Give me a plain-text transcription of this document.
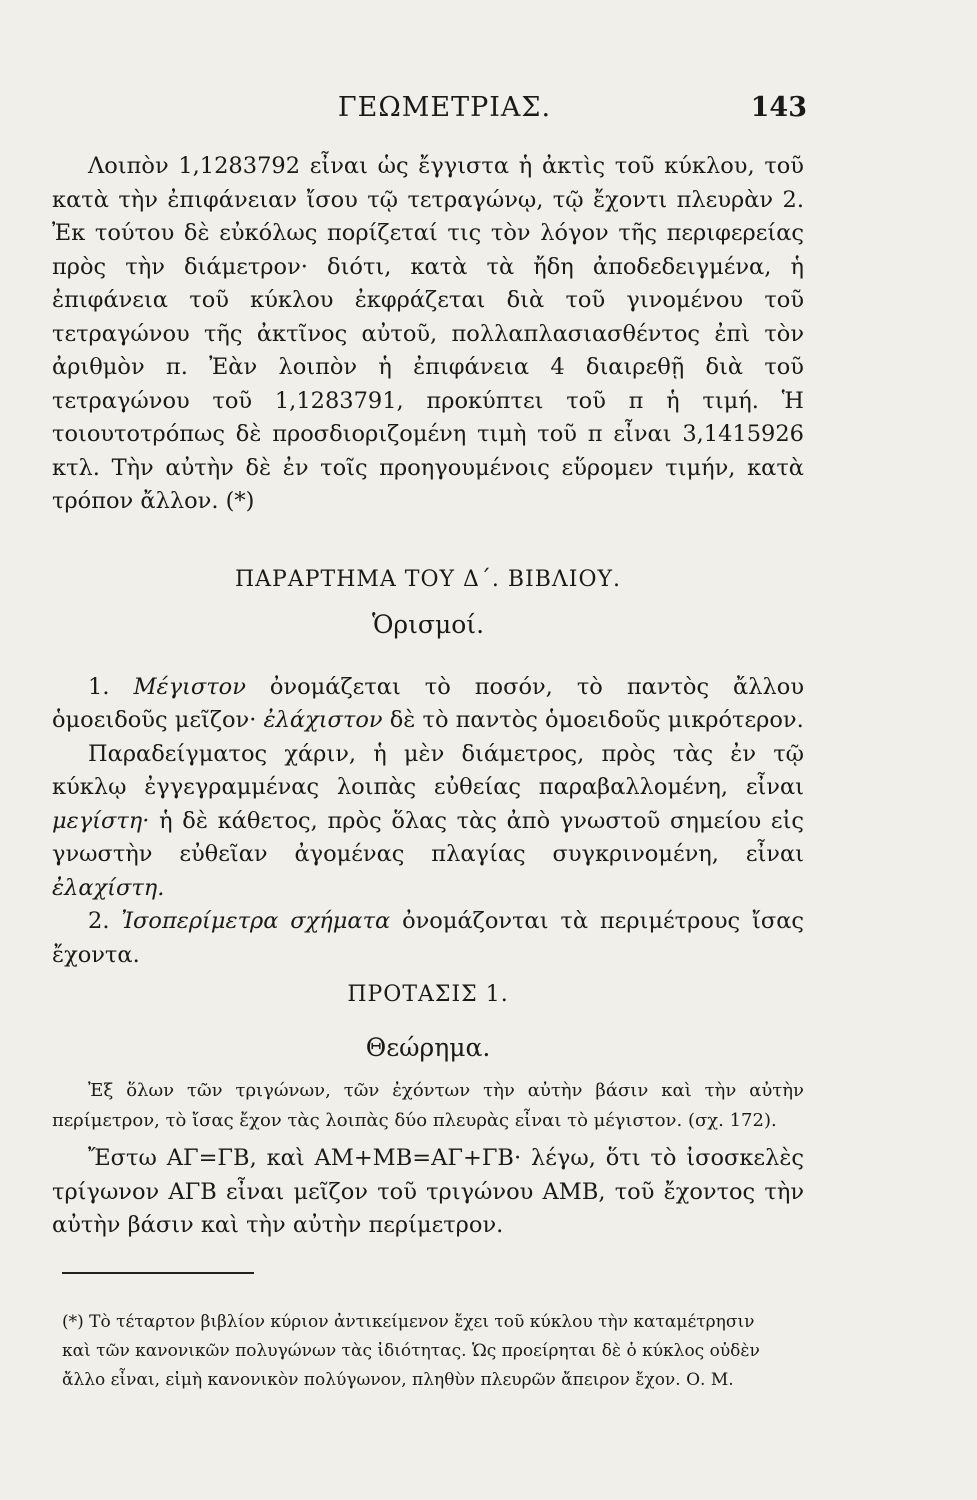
ΓΕΩΜΕΤΡΙΑΣ.	143

Λοιπὸν 1,1283792 εἶναι ὡς ἔγγιστα ἡ ἀκτὶς τοῦ κύκλου, τοῦ κατὰ τὴν ἐπιφάνειαν ἴσου τῷ τετραγώνῳ, τῷ ἔχοντι πλευρὰν 2. Ἐκ τούτου δὲ εὐκόλως πορίζεταί τις τὸν λόγον τῆς περιφερείας πρὸς τὴν διάμετρον· διότι, κατὰ τὰ ἤδη ἀποδεδειγμένα, ἡ ἐπιφάνεια τοῦ κύκλου ἐκφράζεται διὰ τοῦ γινομένου τοῦ τετραγώνου τῆς ἀκτῖνος αὐτοῦ, πολλαπλασιασθέντος ἐπὶ τὸν ἀριθμὸν π. Ἐὰν λοιπὸν ἡ ἐπιφάνεια 4 διαιρεθῇ διὰ τοῦ τετραγώνου τοῦ 1,1283791, προκύπτει τοῦ π ἡ τιμή. Ἡ τοιουτοτρόπως δὲ προσδιοριζομένη τιμὴ τοῦ π εἶναι 3,1415926 κτλ. Τὴν αὐτὴν δὲ ἐν τοῖς προηγουμένοις εὕρομεν τιμήν, κατὰ τρόπον ἄλλον. (*)

ΠΑΡΑΡΤΗΜΑ ΤΟΥ Δ΄. ΒΙΒΛΙΟΥ.

Ὁρισμοί.

1. Μέγιστον ὀνομάζεται τὸ ποσόν, τὸ παντὸς ἄλλου ὁμοειδοῦς μεῖζον· ἐλάχιστον δὲ τὸ παντὸς ὁμοειδοῦς μικρότερον.

Παραδείγματος χάριν, ἡ μὲν διάμετρος, πρὸς τὰς ἐν τῷ κύκλῳ ἐγγεγραμμένας λοιπὰς εὐθείας παραβαλλομένη, εἶναι μεγίστη· ἡ δὲ κάθετος, πρὸς ὅλας τὰς ἀπὸ γνωστοῦ σημείου εἰς γνωστὴν εὐθεῖαν ἀγομένας πλαγίας συγκρινομένη, εἶναι ἐλαχίστη.

2. Ἰσοπερίμετρα σχήματα ὀνομάζονται τὰ περιμέτρους ἴσας ἔχοντα.

ΠΡΟΤΑΣΙΣ 1.

Θεώρημα.

Ἐξ ὅλων τῶν τριγώνων, τῶν ἐχόντων τὴν αὐτὴν βάσιν καὶ τὴν αὐτὴν περίμετρον, τὸ ἴσας ἔχον τὰς λοιπὰς δύο πλευρὰς εἶναι τὸ μέγιστον. (σχ. 172).

Ἔστω ΑΓ=ΓΒ, καὶ ΑΜ+ΜΒ=ΑΓ+ΓΒ· λέγω, ὅτι τὸ ἰσοσκελὲς τρίγωνον ΑΓΒ εἶναι μεῖζον τοῦ τριγώνου ΑΜΒ, τοῦ ἔχοντος τὴν αὐτὴν βάσιν καὶ τὴν αὐτὴν περίμετρον.

(*) Τὸ τέταρτον βιβλίον κύριον ἀντικείμενον ἔχει τοῦ κύκλου τὴν καταμέτρησιν
καὶ τῶν κανονικῶν πολυγώνων τὰς ἰδιότητας. Ὡς προείρηται δὲ ὁ κύκλος οὐδὲν
ἄλλο εἶναι, εἰμὴ κανονικὸν πολύγωνον, πληθὺν πλευρῶν ἄπειρον ἔχον. Ο. Μ.
